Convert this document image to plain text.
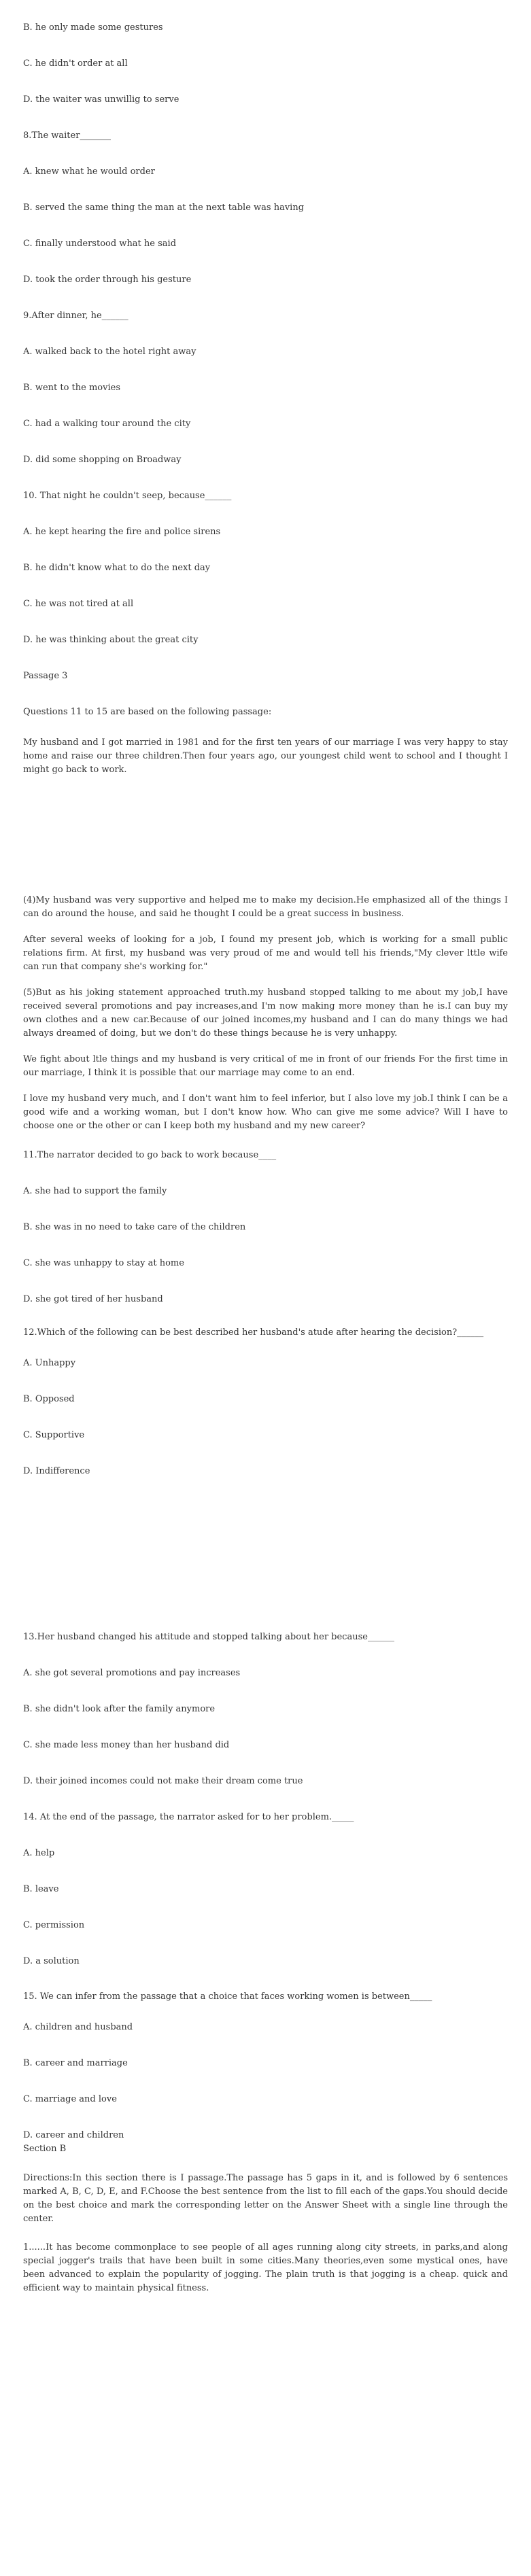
B. he only made some gestures

C. he didn't order at all

D. the waiter was unwillig to serve

8.The waiter_______

A. knew what he would order

B. served the same thing the man at the next table was having

C. finally understood what he said

D. took the order through his gesture

9.After dinner, he______

A. walked back to the hotel right away

B. went to the movies

C. had a walking tour around the city

D. did some shopping on Broadway

10. That night he couldn't seep, because______

A. he kept hearing the fire and police sirens

B. he didn't know what to do the next day

C. he was not tired at all

D. he was thinking about the great city

Passage 3

Questions 11 to 15 are based on the following passage:

My husband and I got married in 1981 and for the first ten years of our marriage I was very happy to stay home and raise our three children.Then four years ago, our youngest child went to school and I thought I might go back to work.

(4)My husband was very supportive and helped me to make my decision.He emphasized all of the things I can do around the house, and said he thought I could be a great success in business.

After several weeks of looking for a job, I found my present job, which is working for a small public relations firm. At first, my husband was very proud of me and would tell his friends,"My clever lttle wife can run that company she's working for."

(5)But as his joking statement approached truth.my husband stopped talking to me about my job,I have received several promotions and pay increases,and I'm now making more money than he is.I can buy my own clothes and a new car.Because of our joined incomes,my husband and I can do many things we had always dreamed of doing, but we don't do these things because he is very unhappy.

We fight about ltle things and my husband is very critical of me in front of our friends For the first time in our marriage, I think it is possible that our marriage may come to an end.

I love my husband very much, and I don't want him to feel inferior, but I also love my job.I think I can be a good wife and a working woman, but I don't know how. Who can give me some advice? Will I have to choose one or the other or can I keep both my husband and my new career?

11.The narrator decided to go back to work because____

A. she had to support the family

B. she was in no need to take care of the children

C. she was unhappy to stay at home

D. she got tired of her husband

12.Which of the following can be best described her husband's atude after hearing the decision?______

A. Unhappy

B. Opposed

C. Supportive

D. Indifference

13.Her husband changed his attitude and stopped talking about her because______

A. she got several promotions and pay increases

B. she didn't look after the family anymore

C. she made less money than her husband did

D. their joined incomes could not make their dream come true

14. At the end of the passage, the narrator asked for to her problem._____

A. help

B. leave

C. permission

D. a solution

15. We can infer from the passage that a choice that faces working women is between_____

A. children and husband

B. career and marriage

C. marriage and love

D. career and children

Section B

Directions:In this section there is I passage.The passage has 5 gaps in it, and is followed by 6 sentences marked A, B, C, D, E, and F.Choose the best sentence from the list to fill each of the gaps.You should decide on the best choice and mark the corresponding letter on the Answer Sheet with a single line through the center.

1......It has become commonplace to see people of all ages running along city streets, in parks,and along special jogger's trails that have been built in some cities.Many theories,even some mystical ones, have been advanced to explain the popularity of jogging. The plain truth is that jogging is a cheap. quick and efficient way to maintain physical fitness.
